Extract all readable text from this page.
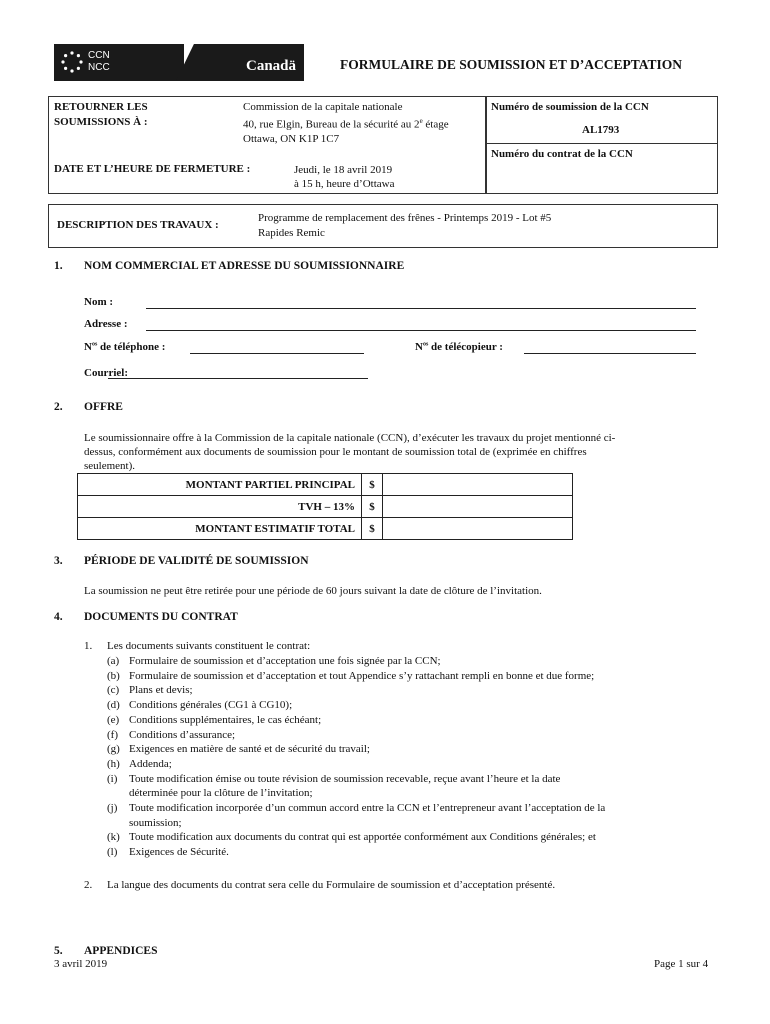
CCN
NCC	Canadä	FORMULAIRE DE SOUMISSION ET D’ACCEPTATION
RETOURNER LES
SOUMISSIONS À :
Commission de la capitale nationale
40, rue Elgin, Bureau de la sécurité au 2e étage
Ottawa, ON K1P 1C7
DATE ET L’HEURE DE FERMETURE :	Jeudi, le 18 avril 2019
à 15 h, heure d’Ottawa
Numéro de soumission de la CCN
AL1793
Numéro du contrat de la CCN
DESCRIPTION DES TRAVAUX :
Programme de remplacement des frênes - Printemps 2019 - Lot #5
Rapides Remic
1. NOM COMMERCIAL ET ADRESSE DU SOUMISSIONNAIRE
Nom :
Adresse :
$N^{os}$ de téléphone :	$N^{os}$ de télécopieur :
Courriel:
2. OFFRE
Le soumissionnaire offre à la Commission de la capitale nationale (CCN), d’exécuter les travaux du projet mentionné ci-
dessus, conformément aux documents de soumission pour le montant de soumission total de (exprimée en chiffres
seulement).
MONTANT PARTIEL PRINCIPAL	$	
TVH – 13%	$	
MONTANT ESTIMATIF TOTAL	$	
3. PÉRIODE DE VALIDITÉ DE SOUMISSION
La soumission ne peut être retirée pour une période de 60 jours suivant la date de clôture de l’invitation.
4. DOCUMENTS DU CONTRAT
1. Les documents suivants constituent le contrat:
(a) Formulaire de soumission et d’acceptation une fois signée par la CCN;
(b) Formulaire de soumission et d’acceptation et tout Appendice s’y rattachant rempli en bonne et due forme;
(c) Plans et devis;
(d) Conditions générales (CG1 à CG10);
(e) Conditions supplémentaires, le cas échéant;
(f) Conditions d’assurance;
(g) Exigences en matière de santé et de sécurité du travail;
(h) Addenda;
(i) Toute modification émise ou toute révision de soumission recevable, reçue avant l’heure et la date
déterminée pour la clôture de l’invitation;
(j) Toute modification incorporée d’un commun accord entre la CCN et l’entrepreneur avant l’acceptation de la
soumission;
(k) Toute modification aux documents du contrat qui est apportée conformément aux Conditions générales; et
(l) Exigences de Sécurité.
2. La langue des documents du contrat sera celle du Formulaire de soumission et d’acceptation présenté.
5. APPENDICES
3 avril 2019	Page 1 sur 4
